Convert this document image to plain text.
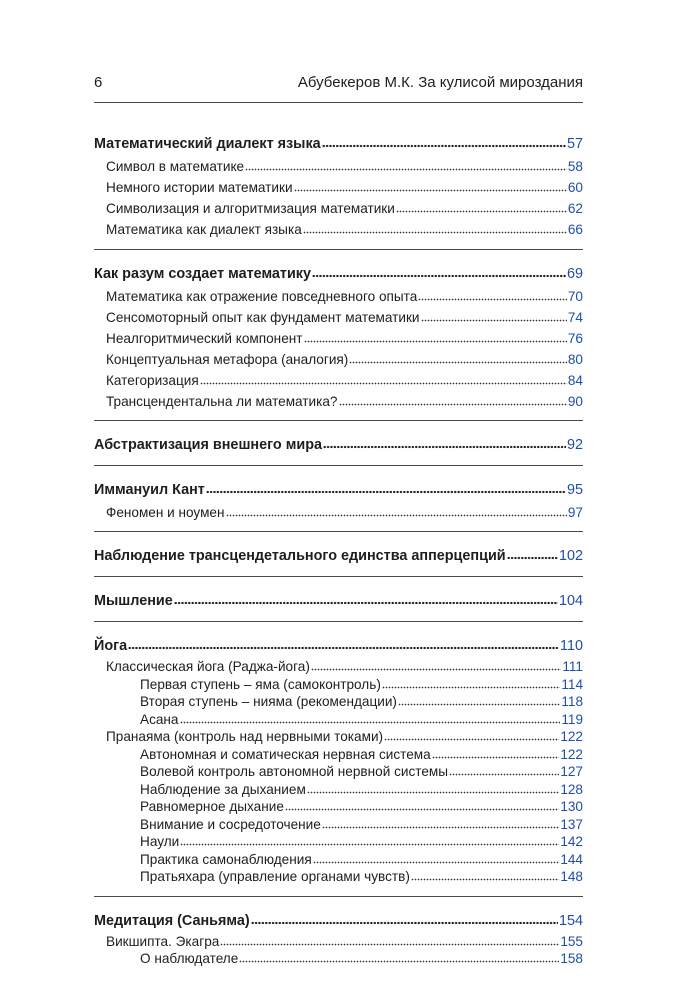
6	Абубекеров М.К. За кулисой мироздания
Математический диалект языка	57
Символ в математике	58
Немного истории математики	60
Символизация и алгоритмизация математики	62
Математика как диалект языка	66
Как разум создает математику	69
Математика как отражение повседневного опыта	70
Сенсомоторный опыт как фундамент математики	74
Неалгоритмический компонент	76
Концептуальная метафора (аналогия)	80
Категоризация	84
Трансцендентальна ли математика?	90
Абстрактизация внешнего мира	92
Иммануил Кант	95
Феномен и ноумен	97
Наблюдение трансцендетального единства апперцепций	102
Мышление	104
Йога	110
Классическая йога (Раджа-йога)	111
Первая ступень – яма (самоконтроль)	114
Вторая ступень – нияма (рекомендации)	118
Асана	119
Пранаяма (контроль над нервными токами)	122
Автономная и соматическая нервная система	122
Волевой контроль автономной нервной системы	127
Наблюдение за дыханием	128
Равномерное дыхание	130
Внимание и сосредоточение	137
Наули	142
Практика самонаблюдения	144
Пратьяхара (управление органами чувств)	148
Медитация (Саньяма)	154
Викшипта. Экагра	155
О наблюдателе	158
